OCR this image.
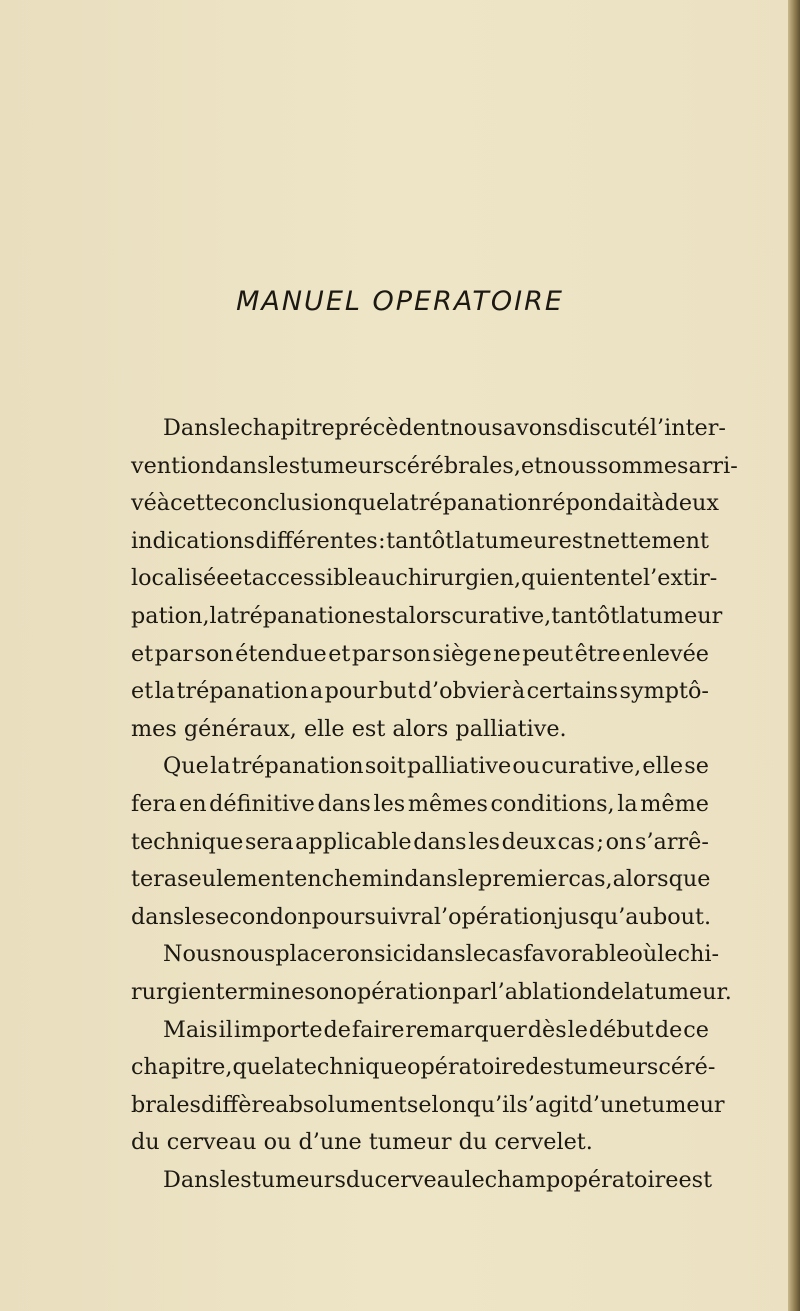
MANUEL OPERATOIRE
Dans le chapitre précèdent nous avons discuté l’inter-
vention dans les tumeurs cérébrales, et nous sommes arri-
vé à cette conclusion que la trépanation répondait à deux
indications différentes : tantôt la tumeur est nettement
localisée et accessible au chirurgien, qui en tente l’extir-
pation, la trépanation est alors curative, tantôt la tumeur
et par son étendue et par son siège ne peut être enlevée
et la trépanation a pour but d’obvier à certains symptô-
mes généraux, elle est alors palliative.
Que la trépanation soit palliative ou curative, elle se
fera en définitive dans les mêmes conditions, la même
technique sera applicable dans les deux cas ; on s’arrê-
tera seulement en chemin dans le premier cas, alors que
dans le second on poursuivra l’opération jusqu’au bout.
Nous nous placerons ici dans le cas favorable où le chi-
rurgien termine son opération par l’ablation de la tumeur.
Mais il importe de faire remarquer dès le début de ce
chapitre, que la technique opératoire des tumeurs céré-
brales diffère absolument selon qu’il s’agit d’une tumeur
du cerveau ou d’une tumeur du cervelet.
Dans les tumeurs du cerveau le champ opératoire est
